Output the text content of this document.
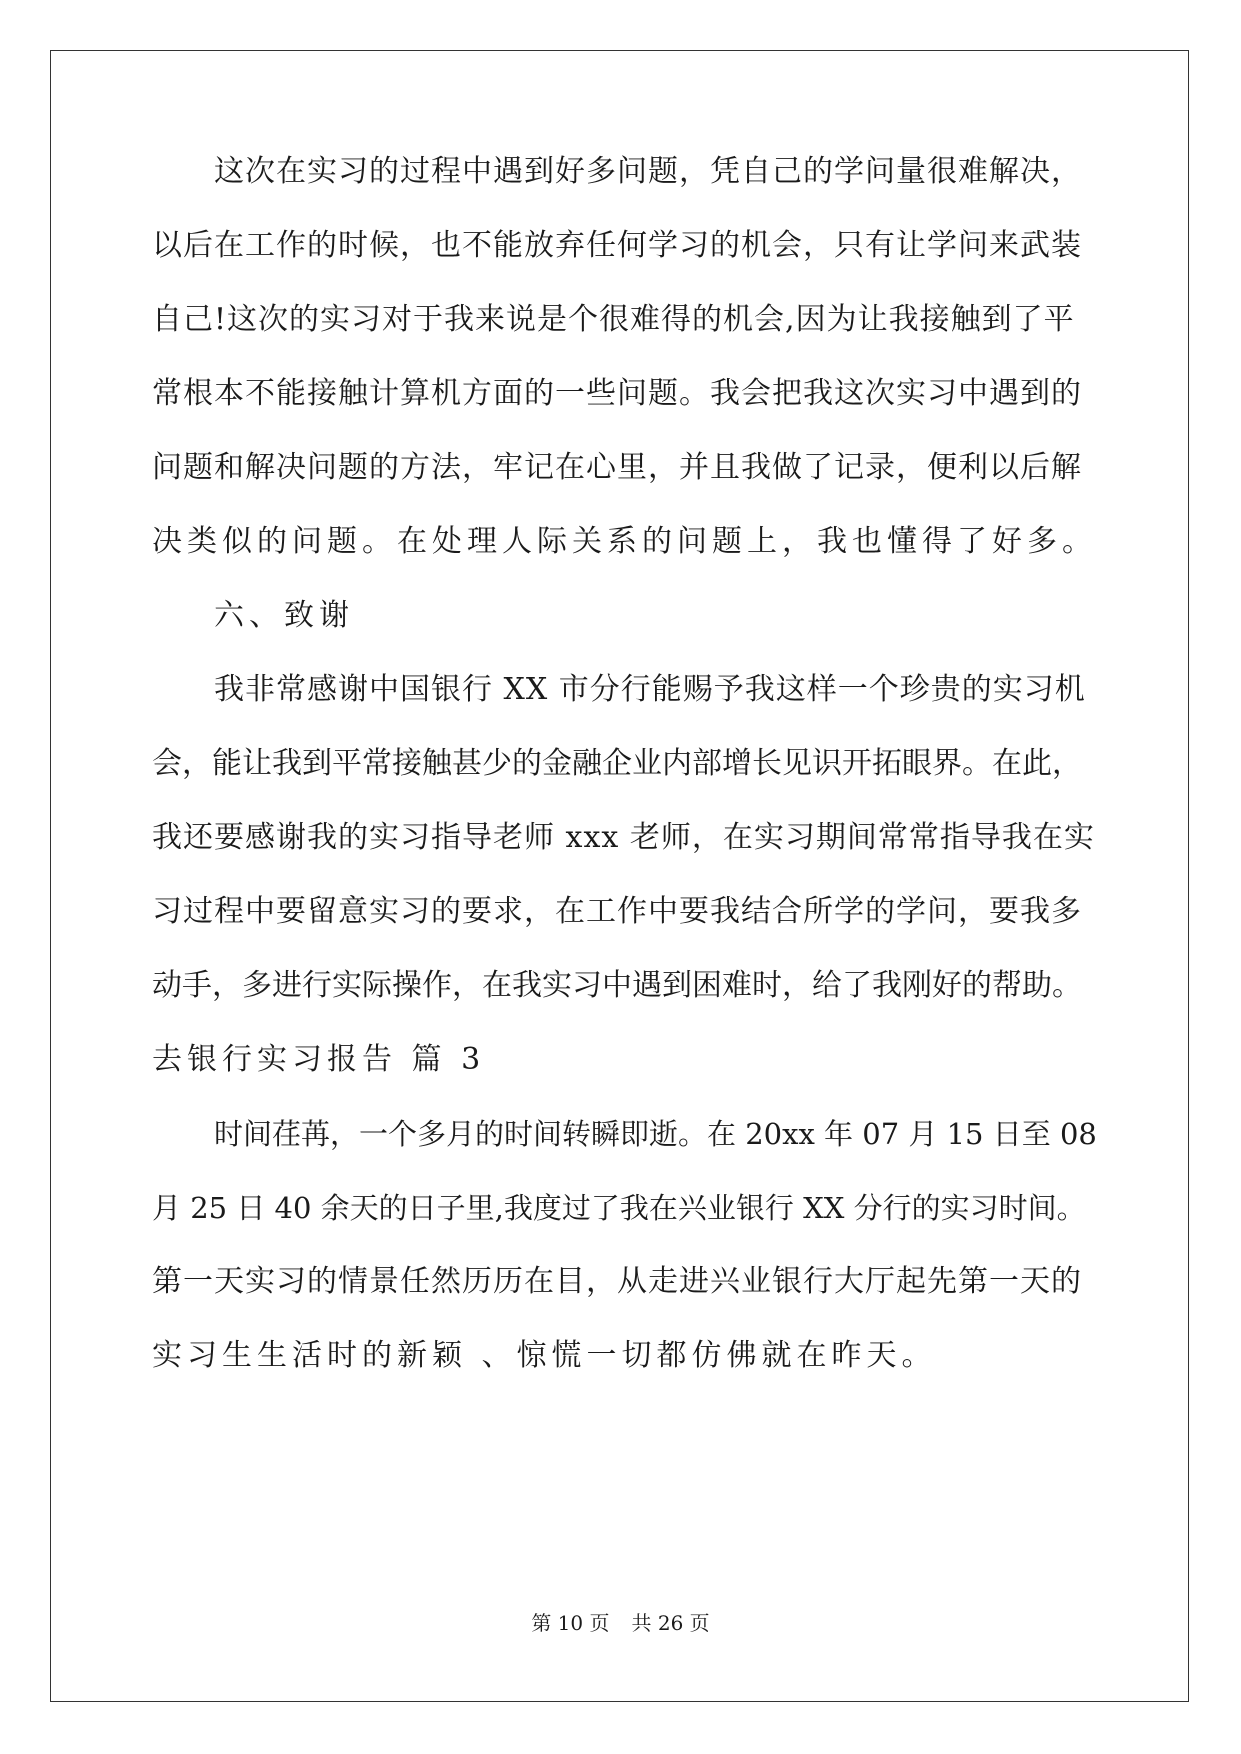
这次在实习的过程中遇到好多问题，凭自己的学问量很难解决，
以后在工作的时候，也不能放弃任何学习的机会，只有让学问来武装
自己!这次的实习对于我来说是个很难得的机会,因为让我接触到了平
常根本不能接触计算机方面的一些问题。我会把我这次实习中遇到的
问题和解决问题的方法，牢记在心里，并且我做了记录，便利以后解
决类似的问题。在处理人际关系的问题上，我也懂得了好多。
六、致谢
我非常感谢中国银行 XX 市分行能赐予我这样一个珍贵的实习机
会，能让我到平常接触甚少的金融企业内部增长见识开拓眼界。在此，
我还要感谢我的实习指导老师 xxx 老师，在实习期间常常指导我在实
习过程中要留意实习的要求，在工作中要我结合所学的学问，要我多
动手，多进行实际操作，在我实习中遇到困难时，给了我刚好的帮助。
去银行实习报告 篇 3
时间荏苒，一个多月的时间转瞬即逝。在 20xx 年 07 月 15 日至 08
月 25 日 40 余天的日子里,我度过了我在兴业银行 XX 分行的实习时间。
第一天实习的情景任然历历在目，从走进兴业银行大厅起先第一天的
实习生生活时的新颖 、惊慌一切都仿佛就在昨天。
第 10 页 共 26 页
